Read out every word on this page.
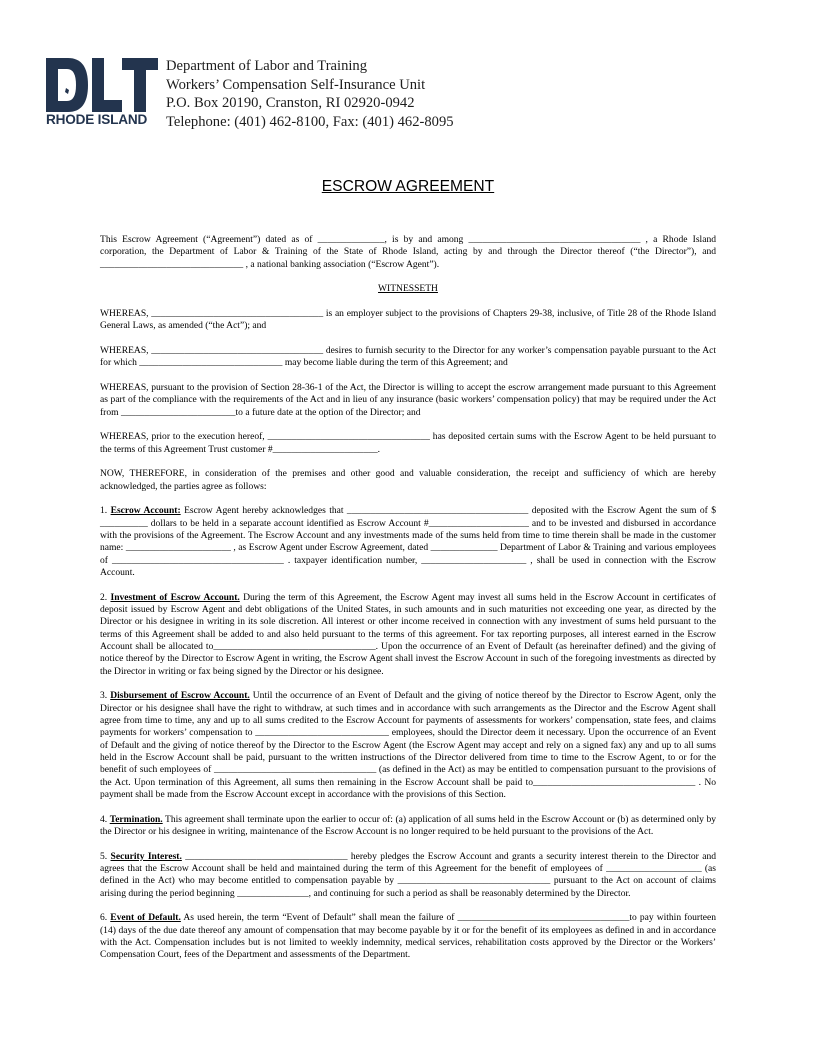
RHODE ISLAND
Department of Labor and Training
Workers’ Compensation Self-Insurance Unit
P.O. Box 20190, Cranston, RI 02920-0942
Telephone: (401) 462-8100, Fax: (401) 462-8095
ESCROW AGREEMENT

This Escrow Agreement (“Agreement”) dated as of ______________, is by and among ____________________________________ , a Rhode Island corporation, the Department of Labor & Training of the State of Rhode Island, acting by and through the Director thereof (“the Director”), and ______________________________ , a national banking association (“Escrow Agent”).

WITNESSETH

WHEREAS, ____________________________________ is an employer subject to the provisions of Chapters 29-38, inclusive, of Title 28 of the Rhode Island General Laws, as amended (“the Act”); and

WHEREAS, ____________________________________ desires to furnish security to the Director for any worker’s compensation payable pursuant to the Act for which ______________________________ may become liable during the term of this Agreement; and

WHEREAS, pursuant to the provision of Section 28-36-1 of the Act, the Director is willing to accept the escrow arrangement made pursuant to this Agreement as part of the compliance with the requirements of the Act and in lieu of any insurance (basic workers’ compensation policy) that may be required under the Act from ________________________to a future date at the option of the Director; and

WHEREAS, prior to the execution hereof, __________________________________ has deposited certain sums with the Escrow Agent to be held pursuant to the terms of this Agreement Trust customer #______________________.

NOW, THEREFORE, in consideration of the premises and other good and valuable consideration, the receipt and sufficiency of which are hereby acknowledged, the parties agree as follows:

1. Escrow Account: Escrow Agent hereby acknowledges that ______________________________________ deposited with the Escrow Agent the sum of $ __________ dollars to be held in a separate account identified as Escrow Account #_____________________ and to be invested and disbursed in accordance with the provisions of the Agreement. The Escrow Account and any investments made of the sums held from time to time therein shall be made in the customer name: ______________________ , as Escrow Agent under Escrow Agreement, dated ______________ Department of Labor & Training and various employees of ____________________________________ . taxpayer identification number, ______________________ , shall be used in connection with the Escrow Account.

2. Investment of Escrow Account. During the term of this Agreement, the Escrow Agent may invest all sums held in the Escrow Account in certificates of deposit issued by Escrow Agent and debt obligations of the United States, in such amounts and in such maturities not exceeding one year, as directed by the Director or his designee in writing in its sole discretion. All interest or other income received in connection with any investment of sums held pursuant to the terms of this Agreement shall be added to and also held pursuant to the terms of this agreement. For tax reporting purposes, all interest earned in the Escrow Account shall be allocated to__________________________________. Upon the occurrence of an Event of Default (as hereinafter defined) and the giving of notice thereof by the Director to Escrow Agent in writing, the Escrow Agent shall invest the Escrow Account in such of the foregoing investments as directed by the Director in writing or fax being signed by the Director or his designee.

3. Disbursement of Escrow Account. Until the occurrence of an Event of Default and the giving of notice thereof by the Director to Escrow Agent, only the Director or his designee shall have the right to withdraw, at such times and in accordance with such arrangements as the Director and the Escrow Agent shall agree from time to time, any and up to all sums credited to the Escrow Account for payments of assessments for workers’ compensation, state fees, and claims payments for workers’ compensation to ____________________________ employees, should the Director deem it necessary. Upon the occurrence of an Event of Default and the giving of notice thereof by the Director to the Escrow Agent (the Escrow Agent may accept and rely on a signed fax) any and up to all sums held in the Escrow Account shall be paid, pursuant to the written instructions of the Director delivered from time to time to the Escrow Agent, to or for the benefit of such employees of __________________________________ (as defined in the Act) as may be entitled to compensation pursuant to the provisions of the Act. Upon termination of this Agreement, all sums then remaining in the Escrow Account shall be paid to__________________________________ . No payment shall be made from the Escrow Account except in accordance with the provisions of this Section.

4. Termination. This agreement shall terminate upon the earlier to occur of: (a) application of all sums held in the Escrow Account or (b) as determined only by the Director or his designee in writing, maintenance of the Escrow Account is no longer required to be held pursuant to the provisions of the Act.

5. Security Interest. __________________________________ hereby pledges the Escrow Account and grants a security interest therein to the Director and agrees that the Escrow Account shall be held and maintained during the term of this Agreement for the benefit of employees of ____________________ (as defined in the Act) who may become entitled to compensation payable by ________________________________ pursuant to the Act on account of claims arising during the period beginning _______________, and continuing for such a period as shall be reasonably determined by the Director.

6. Event of Default. As used herein, the term “Event of Default” shall mean the failure of ____________________________________to pay within fourteen (14) days of the due date thereof any amount of compensation that may become payable by it or for the benefit of its employees as defined in and in accordance with the Act. Compensation includes but is not limited to weekly indemnity, medical services, rehabilitation costs approved by the Director or the Workers’ Compensation Court, fees of the Department and assessments of the Department.
